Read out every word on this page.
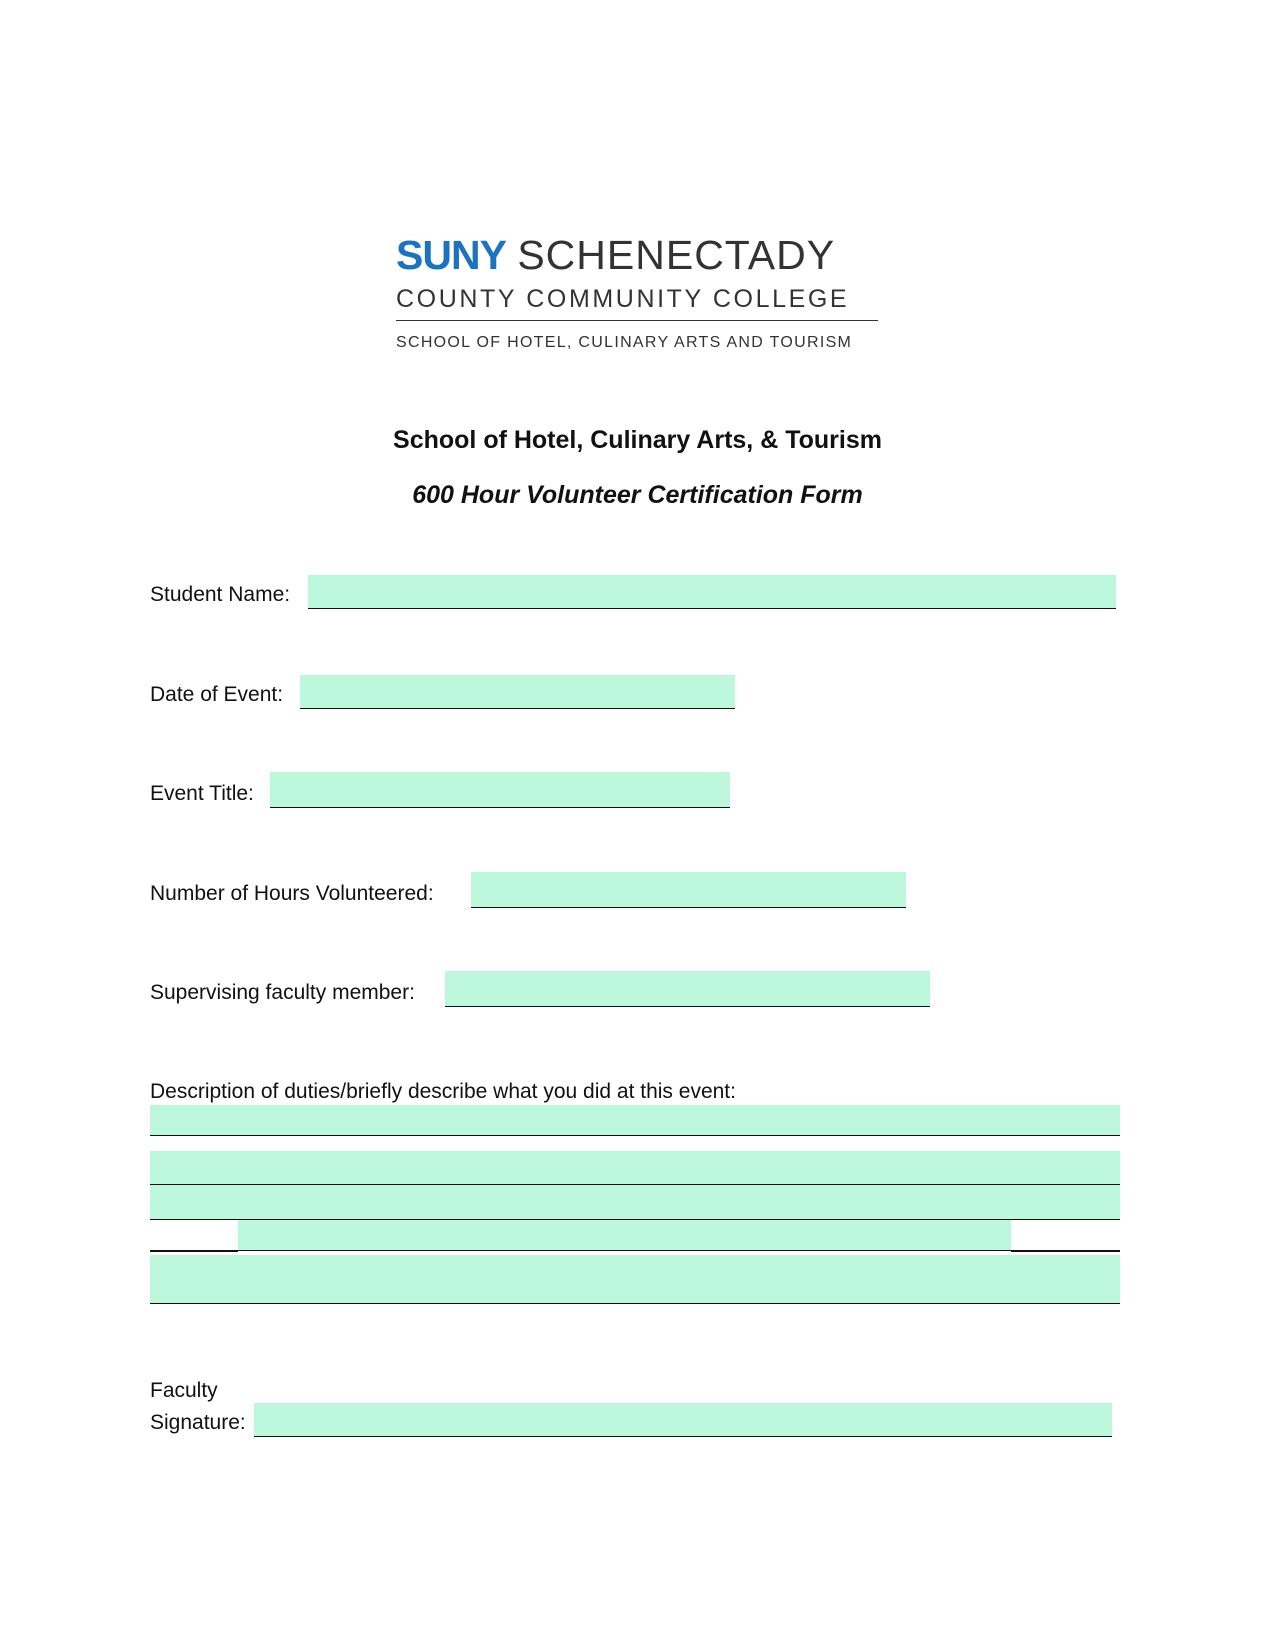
SUNY SCHENECTADY
COUNTY COMMUNITY COLLEGE
SCHOOL OF HOTEL, CULINARY ARTS AND TOURISM
School of Hotel, Culinary Arts, & Tourism
600 Hour Volunteer Certification Form
Student Name:
Date of Event:
Event Title:
Number of Hours Volunteered:
Supervising faculty member:
Description of duties/briefly describe what you did at this event:
Faculty
Signature:
